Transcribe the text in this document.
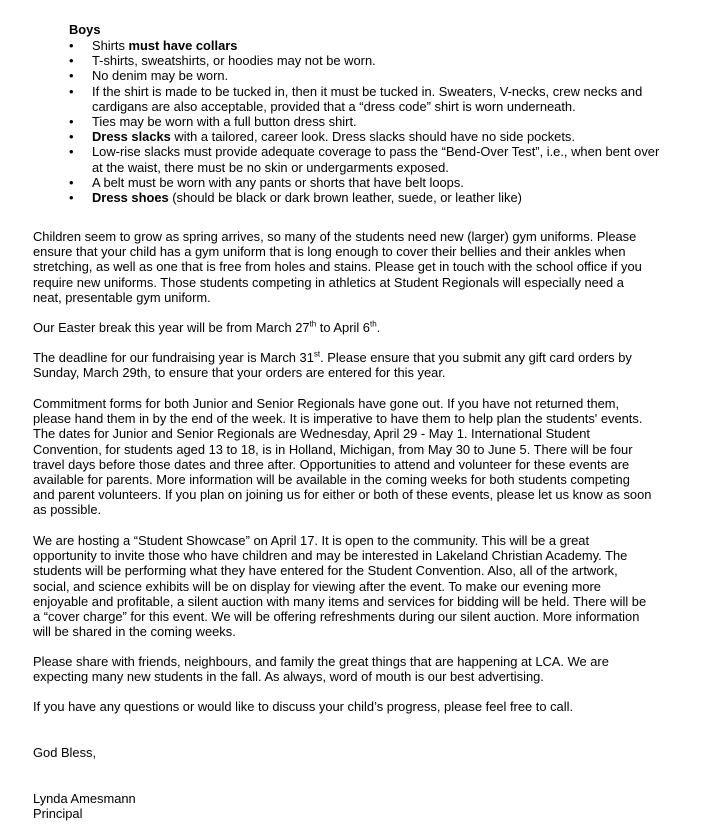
Boys
• Shirts must have collars
• T-shirts, sweatshirts, or hoodies may not be worn.
• No denim may be worn.
• If the shirt is made to be tucked in, then it must be tucked in. Sweaters, V-necks, crew necks and cardigans are also acceptable, provided that a “dress code” shirt is worn underneath.
• Ties may be worn with a full button dress shirt.
• Dress slacks with a tailored, career look. Dress slacks should have no side pockets.
• Low-rise slacks must provide adequate coverage to pass the “Bend-Over Test”, i.e., when bent over at the waist, there must be no skin or undergarments exposed.
• A belt must be worn with any pants or shorts that have belt loops.
• Dress shoes (should be black or dark brown leather, suede, or leather like)

Children seem to grow as spring arrives, so many of the students need new (larger) gym uniforms. Please ensure that your child has a gym uniform that is long enough to cover their bellies and their ankles when stretching, as well as one that is free from holes and stains. Please get in touch with the school office if you require new uniforms. Those students competing in athletics at Student Regionals will especially need a neat, presentable gym uniform.

Our Easter break this year will be from March 27th to April 6th.

The deadline for our fundraising year is March 31st. Please ensure that you submit any gift card orders by Sunday, March 29th, to ensure that your orders are entered for this year.

Commitment forms for both Junior and Senior Regionals have gone out. If you have not returned them, please hand them in by the end of the week. It is imperative to have them to help plan the students' events. The dates for Junior and Senior Regionals are Wednesday, April 29 - May 1. International Student Convention, for students aged 13 to 18, is in Holland, Michigan, from May 30 to June 5. There will be four travel days before those dates and three after. Opportunities to attend and volunteer for these events are available for parents. More information will be available in the coming weeks for both students competing and parent volunteers. If you plan on joining us for either or both of these events, please let us know as soon as possible.

We are hosting a “Student Showcase” on April 17. It is open to the community. This will be a great opportunity to invite those who have children and may be interested in Lakeland Christian Academy. The students will be performing what they have entered for the Student Convention. Also, all of the artwork, social, and science exhibits will be on display for viewing after the event. To make our evening more enjoyable and profitable, a silent auction with many items and services for bidding will be held. There will be a “cover charge” for this event. We will be offering refreshments during our silent auction. More information will be shared in the coming weeks.

Please share with friends, neighbours, and family the great things that are happening at LCA. We are expecting many new students in the fall. As always, word of mouth is our best advertising.

If you have any questions or would like to discuss your child’s progress, please feel free to call.

God Bless,

Lynda Amesmann

Principal
